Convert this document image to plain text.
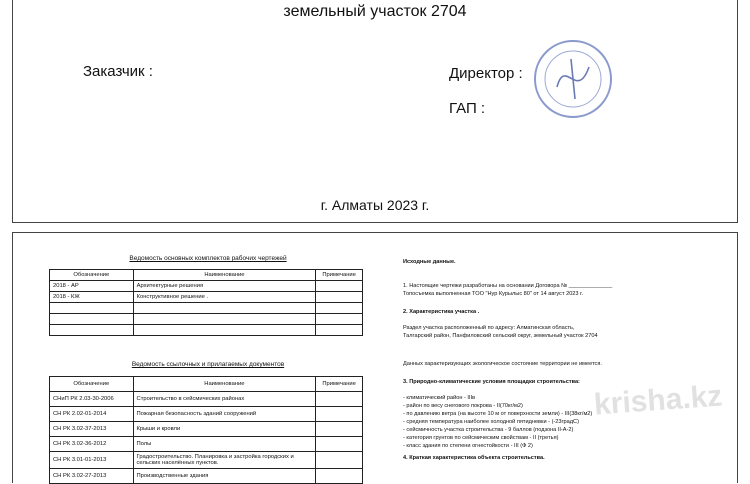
земельный участок 2704
Заказчик :	Директор :
ГАП :
г. Алматы 2023 г.
Ведомость основных комплектов рабочих чертежей
Обозначение	Наименование	Примечание
2018 - АР	Архитектурные решения	
2018 - КЖ	Конструктивное решение .	

Ведомость ссылочных и прилагаемых документов
Обозначение	Наименование	Примечание
СНиП РК 2.03-30-2006	Строительство в сейсмических районах	
СН РК 2.02-01-2014	Пожарная безопасность зданий сооружений	
СН РК 3.02-37-2013	Крыши и кровли	
СН РК 3.02-36-2012	Полы	
СН РК 3.01-01-2013	Градостроительство. Планировка и застройка городских и сельских населённых пунктов.	
СН РК 3.02-27-2013	Производственные здания	
Исходные данные.
1. Настоящие чертежи разработаны на основании Договора № ______________
Топосъемка выполненная ТОО "Нур Курылыс 80" от 14 август 2023 г.
2. Характеристика участка .
Раздел участка расположенный по адресу: Алматинская область,
Талгарский район, Панфиловский сельский округ, земельный участок 2704
Данных характеризующих экологическое состояние территории не имеется.
3. Природно-климатические условия площадки строительства:
- климатический район - IIIв
- район по весу снегового покрова - II(70кг/м2)
- по давлению ветра (на высоте 10 м от поверхности земли) - III(38кг/м2)
- средняя температура наиболее холодной пятидневки - (-23градС)
- сейсмичность участка строительства - 9 баллов (подзона II-А-2)
- категория грунтов по сейсмическим свойствам - II (третья)
- класс здания по степени огнестойкости - III (Ф 2)
4. Краткая характеристика объекта строительства.
krisha.kz
